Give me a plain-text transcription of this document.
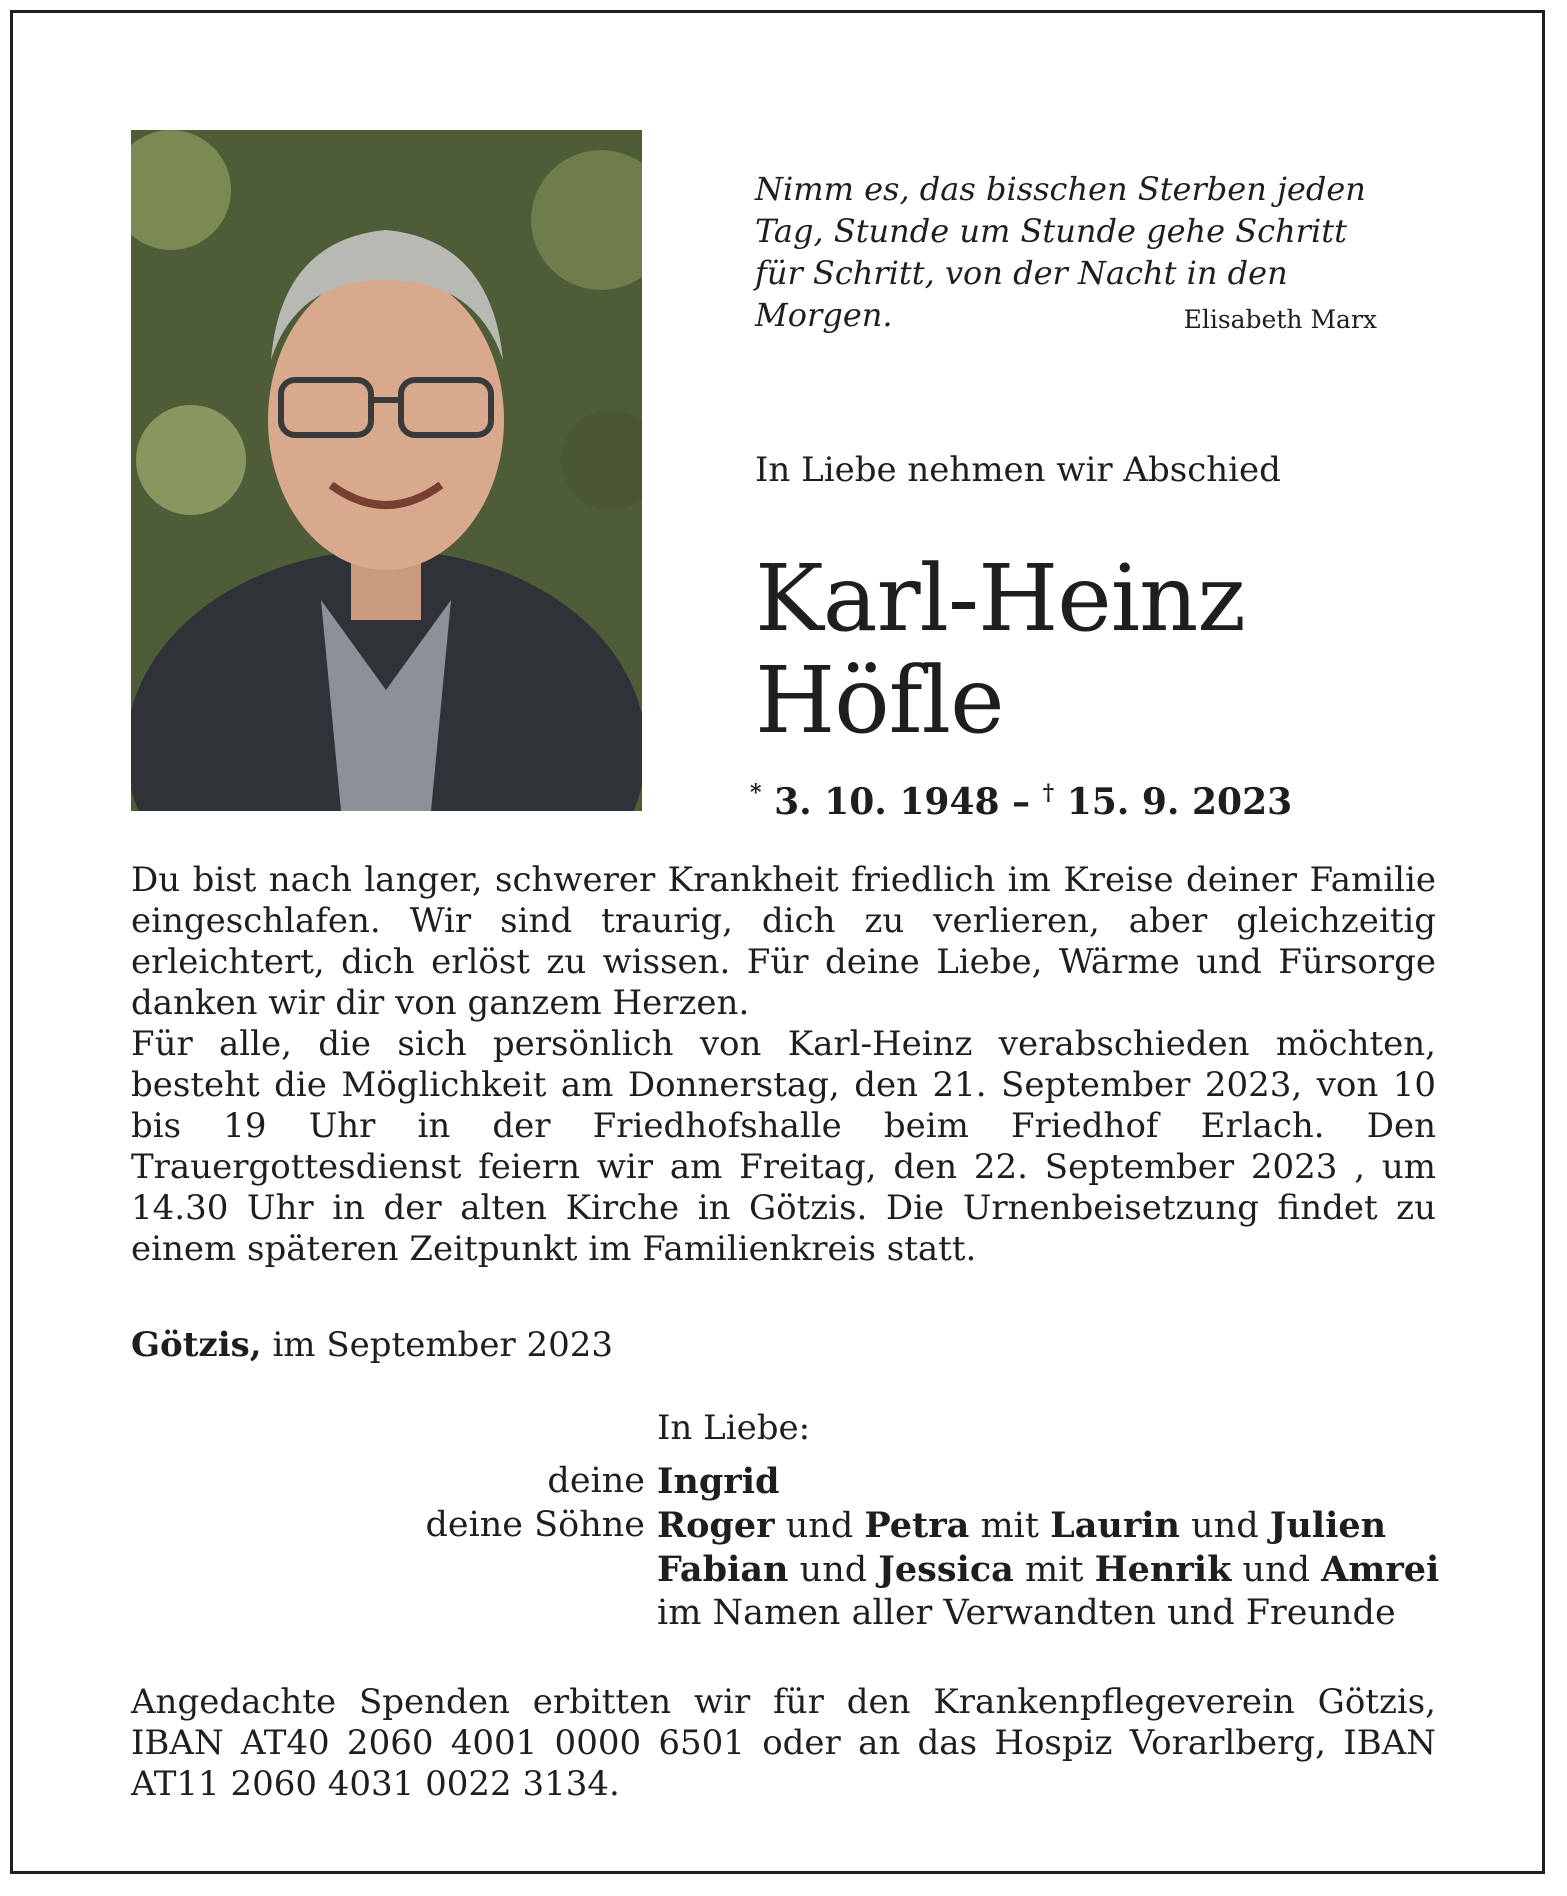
Nimm es, das bisschen Sterben jeden Tag, Stunde um Stunde gehe Schritt für Schritt, von der Nacht in den Morgen.	Elisabeth Marx
In Liebe nehmen wir Abschied
Karl-Heinz
Höfle
* 3. 10. 1948 – † 15. 9. 2023

Du bist nach langer, schwerer Krankheit friedlich im Kreise deiner Familie eingeschlafen. Wir sind traurig, dich zu verlieren, aber gleichzeitig erleichtert, dich erlöst zu wissen. Für deine Liebe, Wärme und Fürsorge danken wir dir von ganzem Herzen.

Für alle, die sich persönlich von Karl-Heinz verabschieden möchten, besteht die Möglichkeit am Donnerstag, den 21. September 2023, von 10 bis 19 Uhr in der Friedhofshalle beim Friedhof Erlach. Den Trauergottesdienst feiern wir am Freitag, den 22. September 2023 , um 14.30 Uhr in der alten Kirche in Götzis. Die Urnenbeisetzung findet zu einem späteren Zeitpunkt im Familienkreis statt.

Götzis, im September 2023
In Liebe:
deine Ingrid
deine Söhne Roger und Petra mit Laurin und Julien
Fabian und Jessica mit Henrik und Amrei
im Namen aller Verwandten und Freunde
Angedachte Spenden erbitten wir für den Krankenpflegeverein Götzis, IBAN AT40 2060 4001 0000 6501 oder an das Hospiz Vorarlberg, IBAN AT11 2060 4031 0022 3134.
